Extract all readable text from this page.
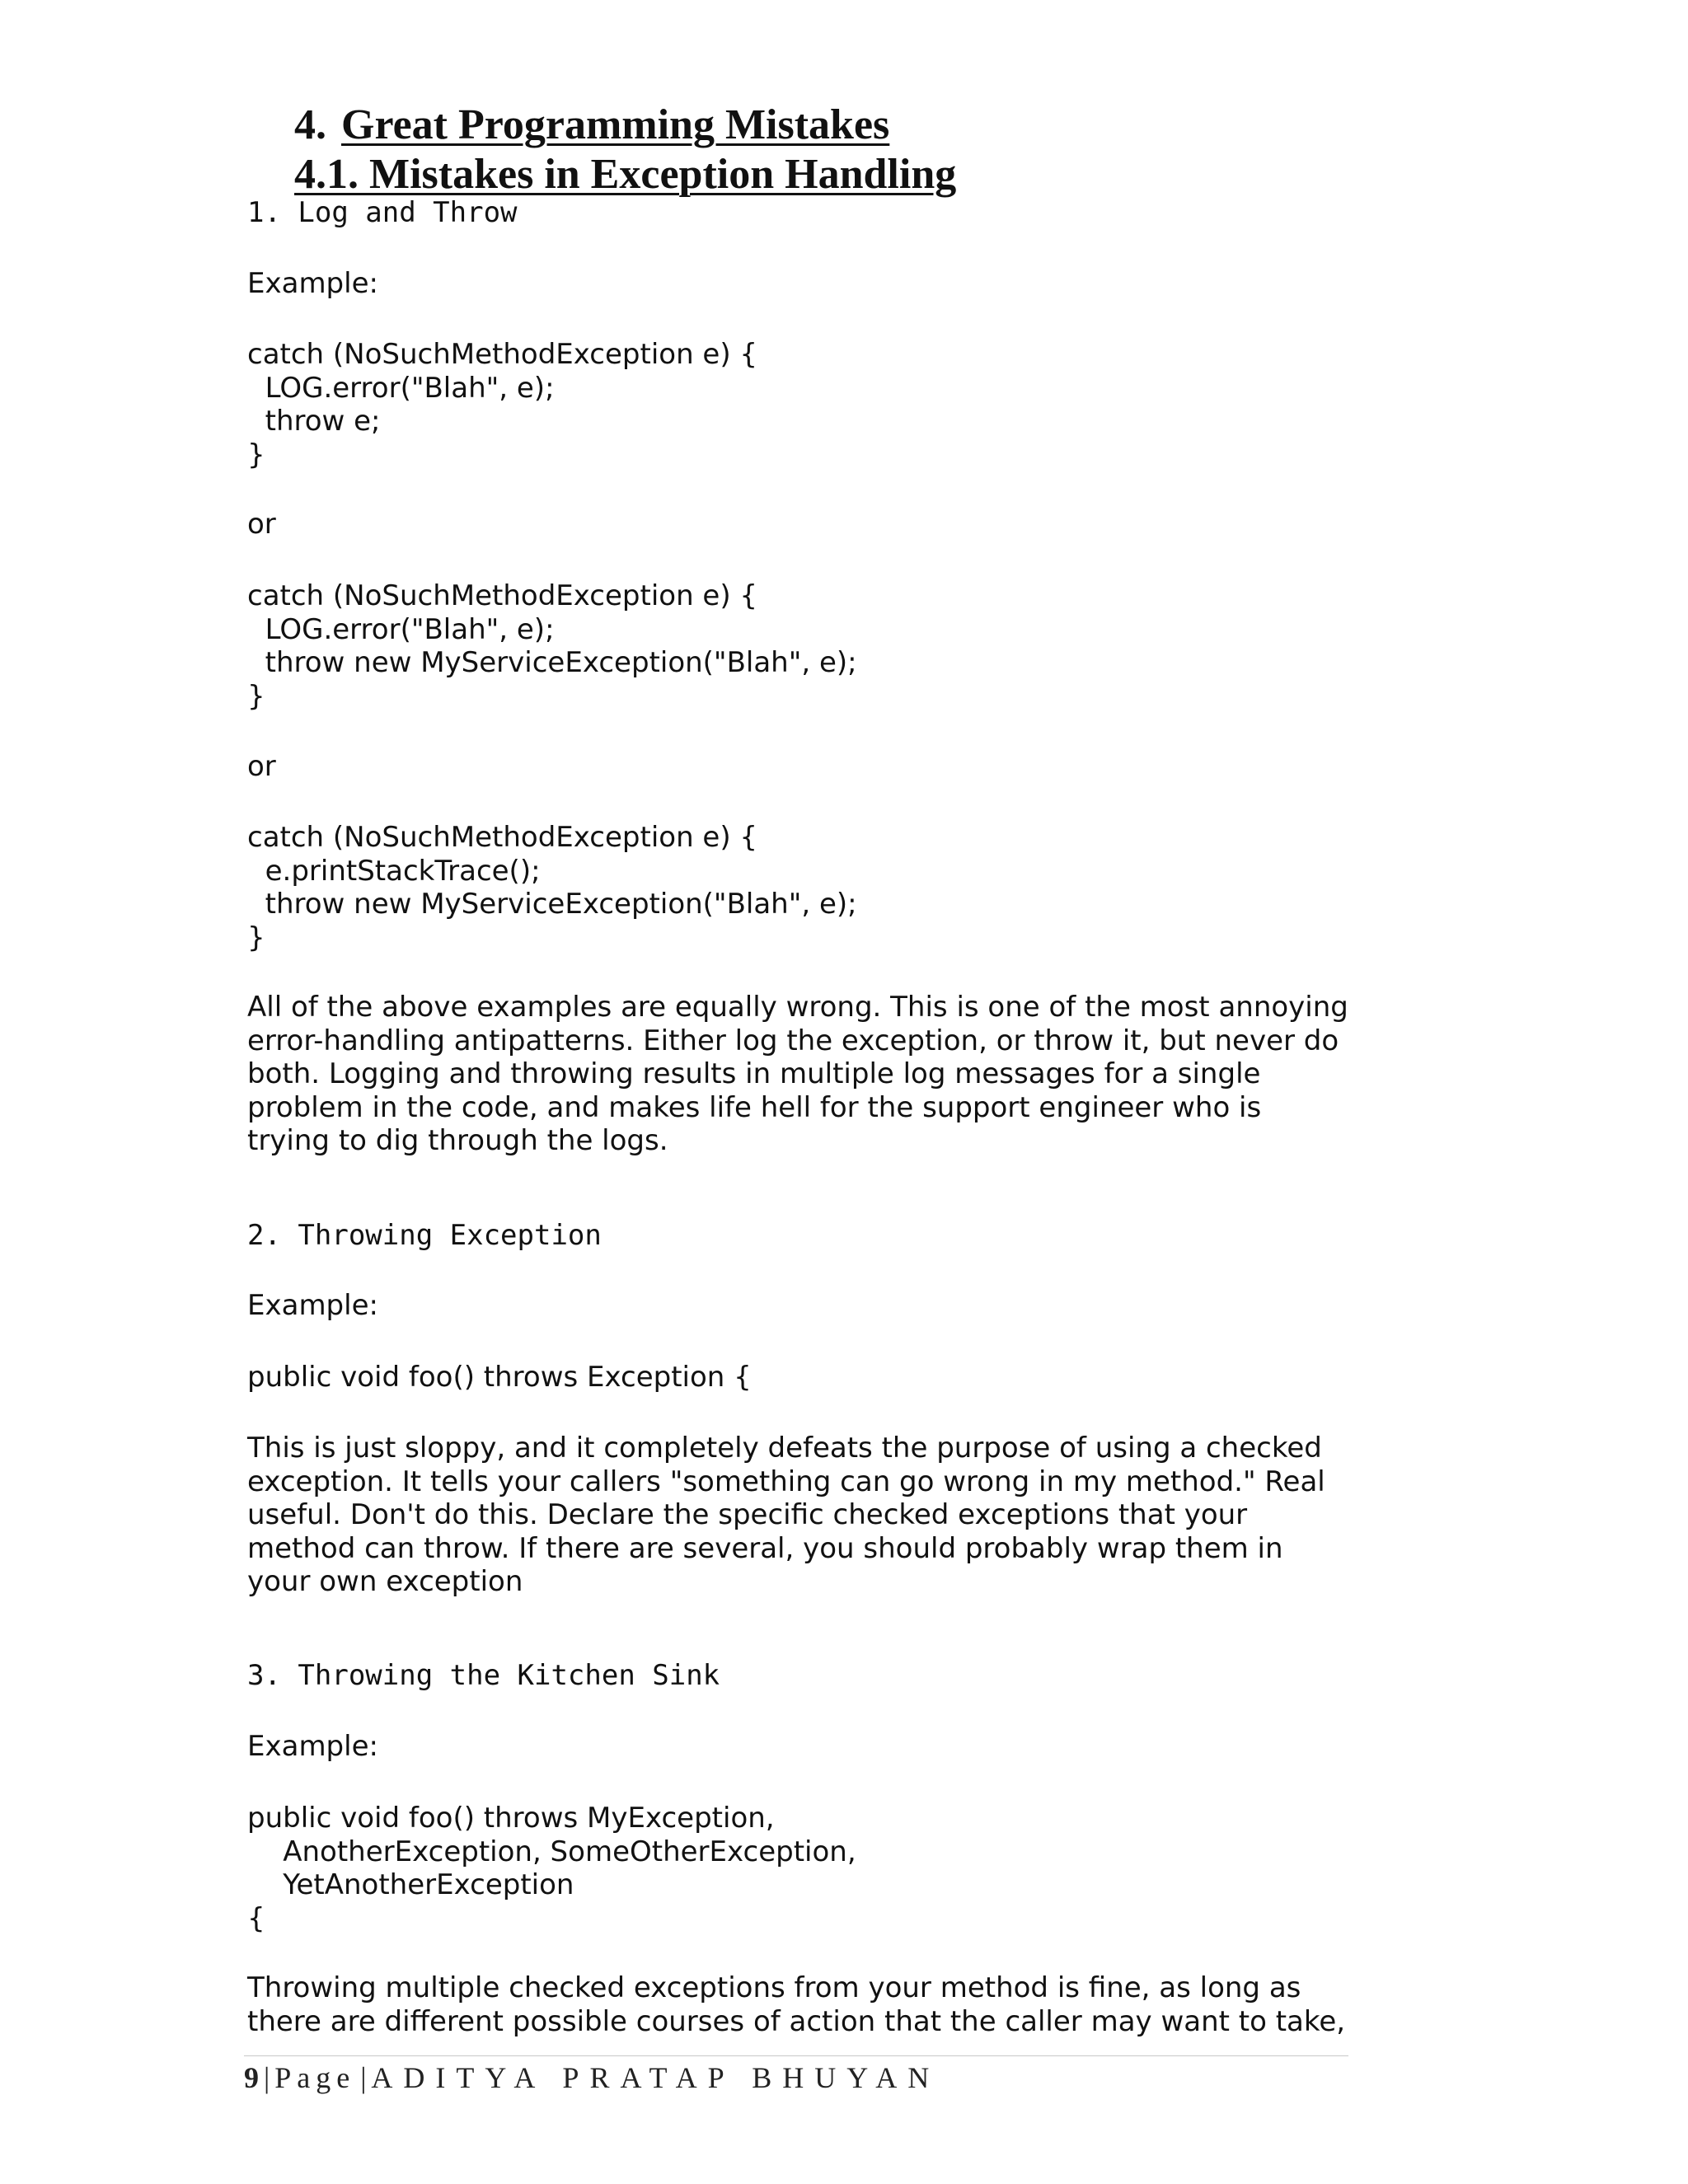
4. Great Programming Mistakes
4.1. Mistakes in Exception Handling
1. Log and Throw
Example:
catch (NoSuchMethodException e) {
LOG.error("Blah", e);
throw e;
}
or
catch (NoSuchMethodException e) {
LOG.error("Blah", e);
throw new MyServiceException("Blah", e);
}
or
catch (NoSuchMethodException e) {
e.printStackTrace();
throw new MyServiceException("Blah", e);
}
All of the above examples are equally wrong. This is one of the most annoying
error-handling antipatterns. Either log the exception, or throw it, but never do
both. Logging and throwing results in multiple log messages for a single
problem in the code, and makes life hell for the support engineer who is
trying to dig through the logs.
2. Throwing Exception
Example:
public void foo() throws Exception {
This is just sloppy, and it completely defeats the purpose of using a checked
exception. It tells your callers "something can go wrong in my method." Real
useful. Don't do this. Declare the specific checked exceptions that your
method can throw. If there are several, you should probably wrap them in
your own exception
3. Throwing the Kitchen Sink
Example:
public void foo() throws MyException,
AnotherException, SomeOtherException,
YetAnotherException
{
Throwing multiple checked exceptions from your method is fine, as long as
there are different possible courses of action that the caller may want to take,
9 | Page | ADITYA PRATAP BHUYAN
